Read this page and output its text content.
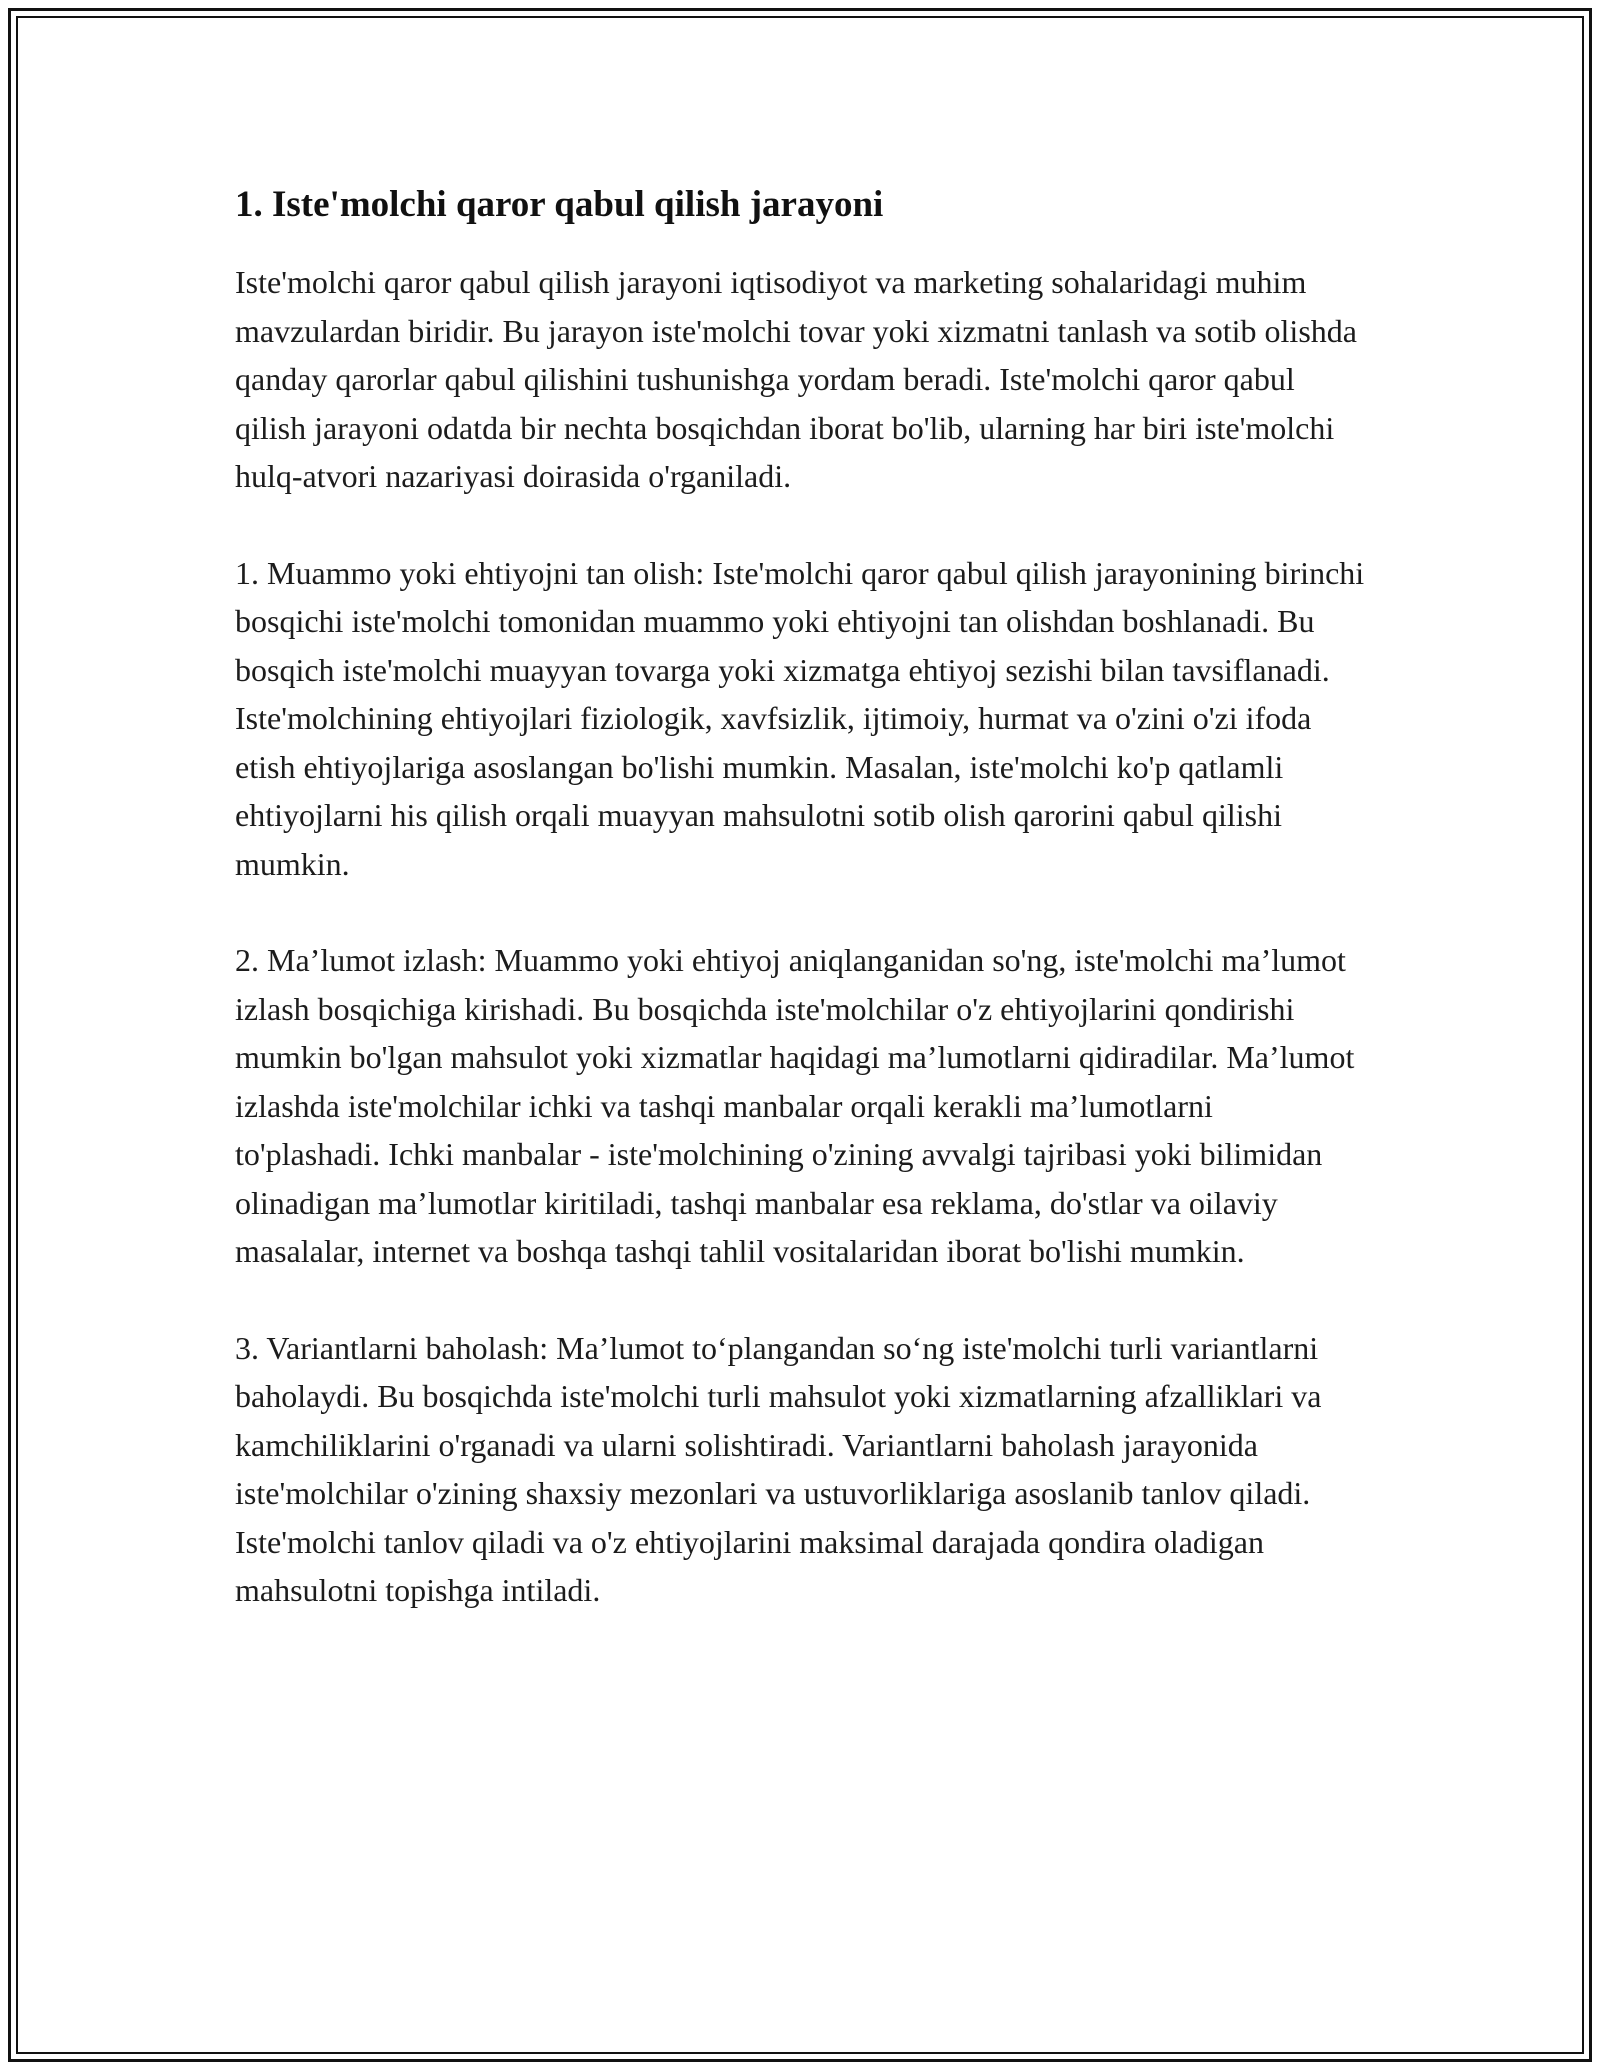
1. Iste'molchi qaror qabul qilish jarayoni

Iste'molchi qaror qabul qilish jarayoni iqtisodiyot va marketing sohalaridagi muhim mavzulardan biridir. Bu jarayon iste'molchi tovar yoki xizmatni tanlash va sotib olishda qanday qarorlar qabul qilishini tushunishga yordam beradi. Iste'molchi qaror qabul qilish jarayoni odatda bir nechta bosqichdan iborat bo'lib, ularning har biri iste'molchi hulq-atvori nazariyasi doirasida o'rganiladi.

1. Muammo yoki ehtiyojni tan olish: Iste'molchi qaror qabul qilish jarayonining birinchi bosqichi iste'molchi tomonidan muammo yoki ehtiyojni tan olishdan boshlanadi. Bu bosqich iste'molchi muayyan tovarga yoki xizmatga ehtiyoj sezishi bilan tavsiflanadi. Iste'molchining ehtiyojlari fiziologik, xavfsizlik, ijtimoiy, hurmat va o'zini o'zi ifoda etish ehtiyojlariga asoslangan bo'lishi mumkin. Masalan, iste'molchi ko'p qatlamli ehtiyojlarni his qilish orqali muayyan mahsulotni sotib olish qarorini qabul qilishi mumkin.

2. Ma’lumot izlash: Muammo yoki ehtiyoj aniqlanganidan so'ng, iste'molchi ma’lumot izlash bosqichiga kirishadi. Bu bosqichda iste'molchilar o'z ehtiyojlarini qondirishi mumkin bo'lgan mahsulot yoki xizmatlar haqidagi ma’lumotlarni qidiradilar. Ma’lumot izlashda iste'molchilar ichki va tashqi manbalar orqali kerakli ma’lumotlarni to'plashadi. Ichki manbalar - iste'molchining o'zining avvalgi tajribasi yoki bilimidan olinadigan ma’lumotlar kiritiladi, tashqi manbalar esa reklama, do'stlar va oilaviy masalalar, internet va boshqa tashqi tahlil vositalaridan iborat bo'lishi mumkin.

3. Variantlarni baholash: Ma’lumot to‘plangandan so‘ng iste'molchi turli variantlarni baholaydi. Bu bosqichda iste'molchi turli mahsulot yoki xizmatlarning afzalliklari va kamchiliklarini o'rganadi va ularni solishtiradi. Variantlarni baholash jarayonida iste'molchilar o'zining shaxsiy mezonlari va ustuvorliklariga asoslanib tanlov qiladi. Iste'molchi tanlov qiladi va o'z ehtiyojlarini maksimal darajada qondira oladigan mahsulotni topishga intiladi.
